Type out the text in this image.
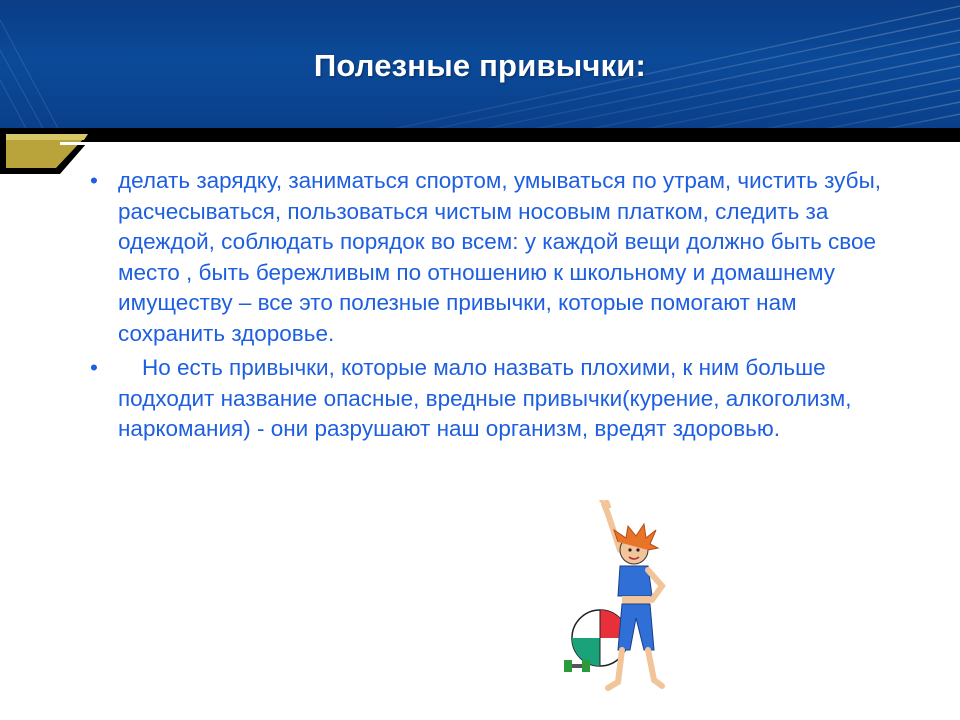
Полезные привычки:
• делать зарядку, заниматься спортом, умываться по утрам, чистить зубы, расчесываться, пользоваться чистым носовым платком, следить за одеждой, соблюдать порядок во всем: у каждой вещи должно быть свое место , быть бережливым по отношению к школьному и домашнему имуществу – все это полезные привычки, которые помогают нам сохранить здоровье.
•	Но есть привычки, которые мало назвать плохими, к ним больше подходит название опасные, вредные привычки(курение, алкоголизм, наркомания) - они разрушают наш организм, вредят здоровью.
